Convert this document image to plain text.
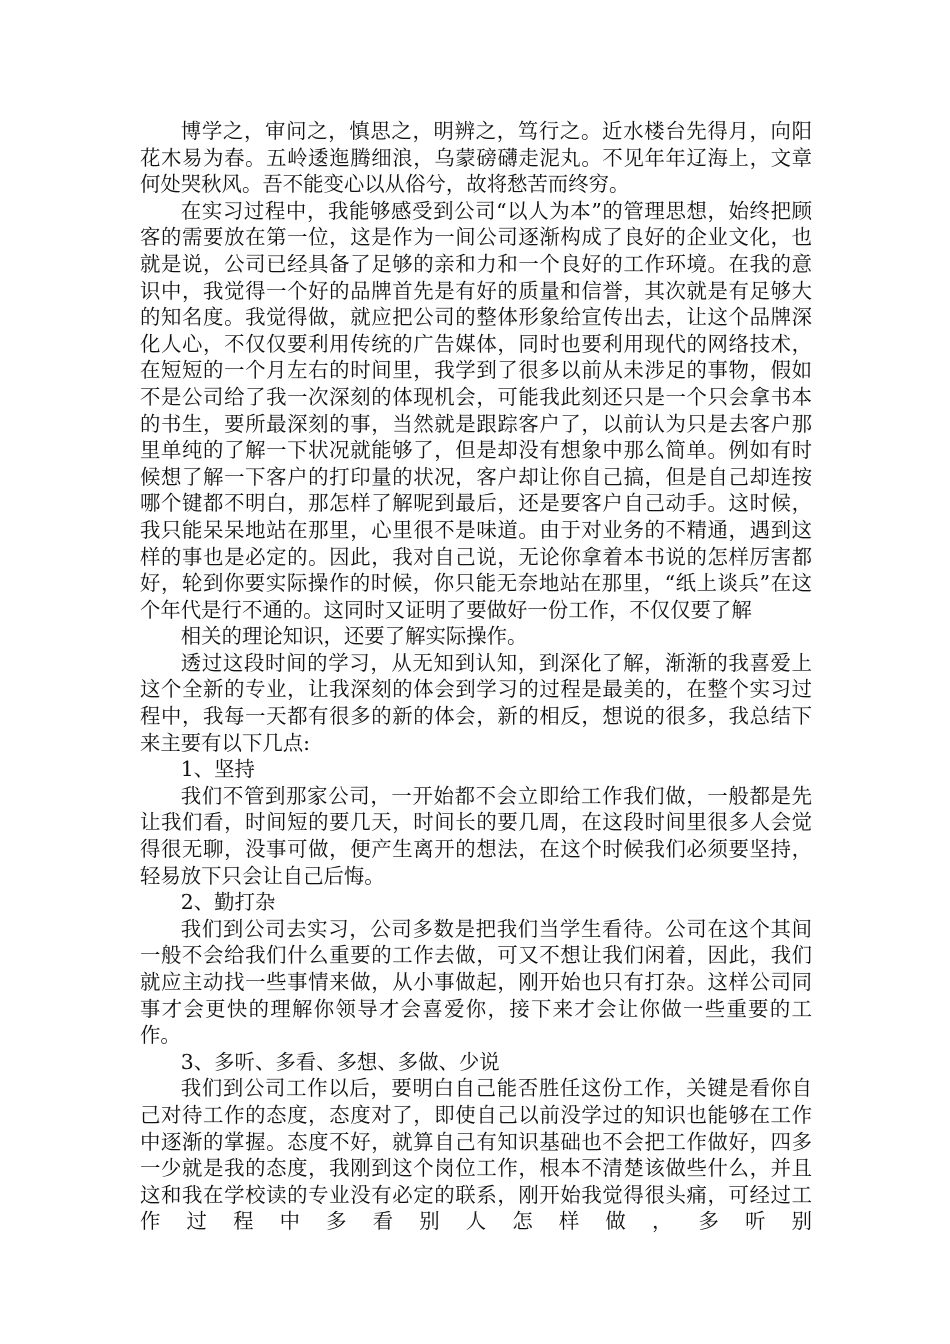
博学之，审问之，慎思之，明辨之，笃行之。近水楼台先得月，向阳花木易为春。五岭逶迤腾细浪，乌蒙磅礴走泥丸。不见年年辽海上，文章何处哭秋风。吾不能变心以从俗兮，故将愁苦而终穷。

在实习过程中，我能够感受到公司“以人为本”的管理思想，始终把顾客的需要放在第一位，这是作为一间公司逐渐构成了良好的企业文化，也就是说，公司已经具备了足够的亲和力和一个良好的工作环境。在我的意识中，我觉得一个好的品牌首先是有好的质量和信誉，其次就是有足够大的知名度。我觉得做，就应把公司的整体形象给宣传出去，让这个品牌深化人心，不仅仅要利用传统的广告媒体，同时也要利用现代的网络技术，在短短的一个月左右的时间里，我学到了很多以前从未涉足的事物，假如不是公司给了我一次深刻的体现机会，可能我此刻还只是一个只会拿书本的书生，要所最深刻的事，当然就是跟踪客户了，以前认为只是去客户那里单纯的了解一下状况就能够了，但是却没有想象中那么简单。例如有时候想了解一下客户的打印量的状况，客户却让你自己搞，但是自己却连按哪个键都不明白，那怎样了解呢到最后，还是要客户自己动手。这时候，我只能呆呆地站在那里，心里很不是味道。由于对业务的不精通，遇到这样的事也是必定的。因此，我对自己说，无论你拿着本书说的怎样厉害都好，轮到你要实际操作的时候，你只能无奈地站在那里，“纸上谈兵”在这个年代是行不通的。这同时又证明了要做好一份工作，不仅仅要了解

相关的理论知识，还要了解实际操作。

透过这段时间的学习，从无知到认知，到深化了解，渐渐的我喜爱上这个全新的专业，让我深刻的体会到学习的过程是最美的，在整个实习过程中，我每一天都有很多的新的体会，新的相反，想说的很多，我总结下来主要有以下几点:

1、坚持

我们不管到那家公司，一开始都不会立即给工作我们做，一般都是先让我们看，时间短的要几天，时间长的要几周，在这段时间里很多人会觉得很无聊，没事可做，便产生离开的想法，在这个时候我们必须要坚持，轻易放下只会让自己后悔。

2、勤打杂

我们到公司去实习，公司多数是把我们当学生看待。公司在这个其间一般不会给我们什么重要的工作去做，可又不想让我们闲着，因此，我们就应主动找一些事情来做，从小事做起，刚开始也只有打杂。这样公司同事才会更快的理解你领导才会喜爱你，接下来才会让你做一些重要的工作。

3、多听、多看、多想、多做、少说

我们到公司工作以后，要明白自己能否胜任这份工作，关键是看你自己对待工作的态度，态度对了，即使自己以前没学过的知识也能够在工作中逐渐的掌握。态度不好，就算自己有知识基础也不会把工作做好，四多一少就是我的态度，我刚到这个岗位工作，根本不清楚该做些什么，并且这和我在学校读的专业没有必定的联系，刚开始我觉得很头痛，可经过工作过程中多看别人怎样做，多听别
